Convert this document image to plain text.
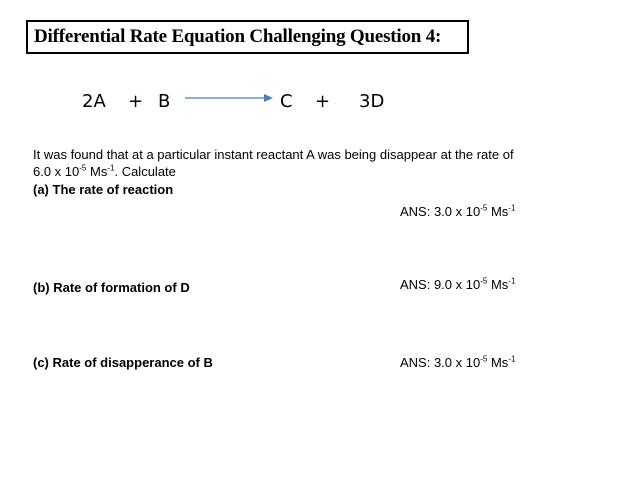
Differential Rate Equation Challenging Question 4:
2A + B	C + 3D
It was found that at a particular instant reactant A was being disappear at the rate of
6.0 x $10^{-5}$ $Ms^{-1}$. Calculate
(a) The rate of reaction
ANS: 3.0 x $10^{-5}$ $Ms^{-1}$
(b) Rate of formation of D	ANS: 9.0 x $10^{-5}$ $Ms^{-1}$
(c) Rate of disapperance of B	ANS: 3.0 x $10^{-5}$ $Ms^{-1}$
